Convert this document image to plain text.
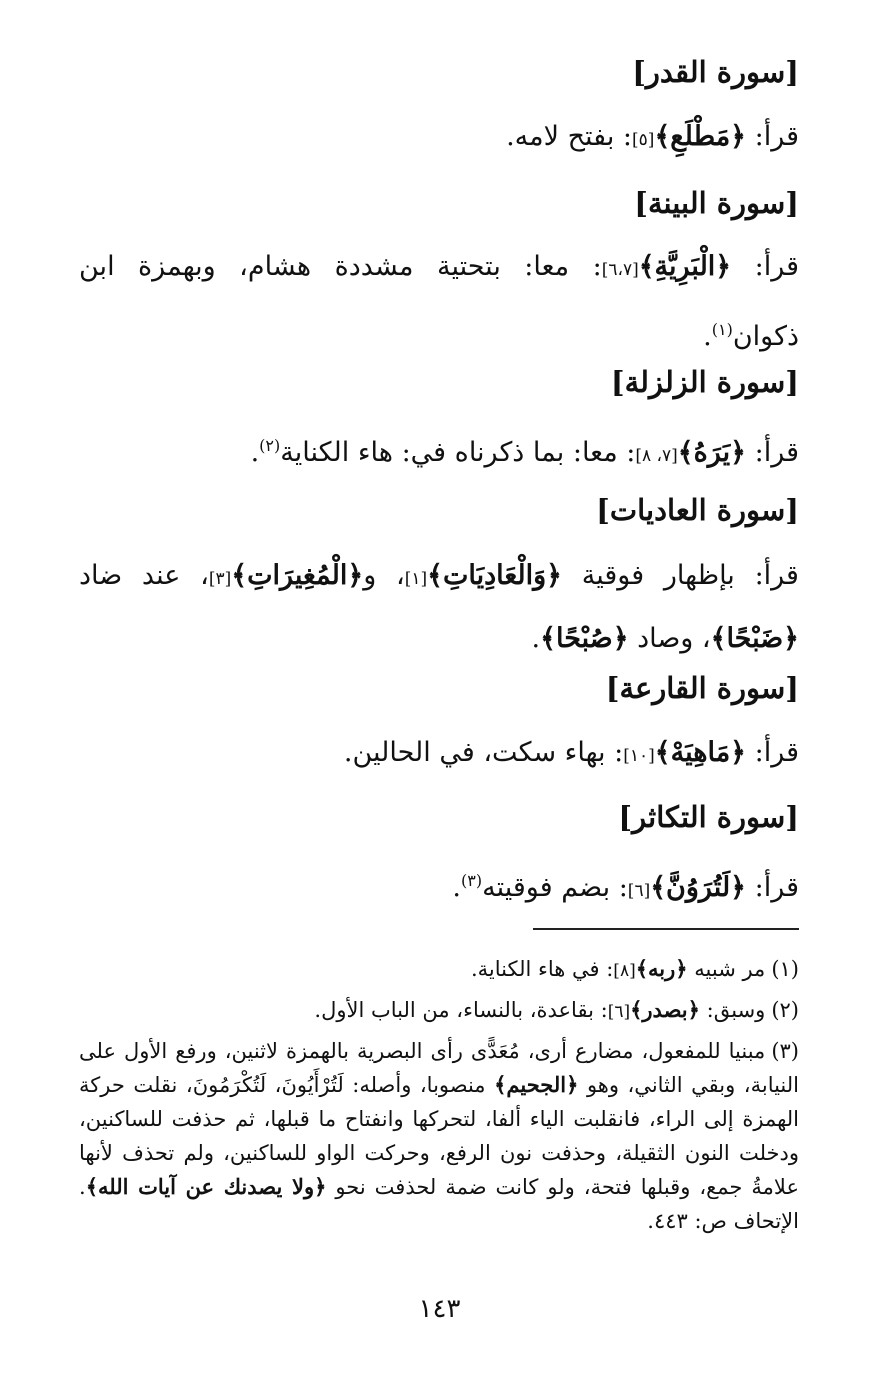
[سورة القدر]
قرأ: ﴿مَطْلَعِ﴾[٥]: بفتح لامه.
[سورة البينة]
قرأ: ﴿الْبَرِيَّةِ﴾[٦،٧]: معا: بتحتية مشددة هشام، وبهمزة ابن ذكوان$^{(١)}$.
[سورة الزلزلة]
قرأ: ﴿يَرَهُ﴾[٧، ٨]: معا: بما ذكرناه في: هاء الكناية$^{(٢)}$.
[سورة العاديات]
قرأ: بإظهار فوقية ﴿وَالْعَادِيَاتِ﴾[١]، و﴿الْمُغِيرَاتِ﴾[٣]، عند ضاد ﴿ضَبْحًا﴾، وصاد ﴿صُبْحًا﴾.
[سورة القارعة]
قرأ: ﴿مَاهِيَهْ﴾[١٠]: بهاء سكت، في الحالين.
[سورة التكاثر]
قرأ: ﴿لَتُرَوُنَّ﴾[٦]: بضم فوقيته$^{(٣)}$.
(١)مر شبيه ﴿ربه﴾[٨]: في هاء الكناية.
(٢)وسبق: ﴿بصدر﴾[٦]: بقاعدة، بالنساء، من الباب الأول.
(٣)مبنيا للمفعول، مضارع أرى، مُعَدًّى رأى البصرية بالهمزة لاثنين، ورفع الأول على النيابة، وبقي الثاني، وهو ﴿الجحيم﴾ منصوبا، وأصله: لَتُرْأَيُونَ، لَتُكْرَمُونَ، نقلت حركة الهمزة إلى الراء، فانقلبت الياء ألفا، لتحركها وانفتاح ما قبلها، ثم حذفت للساكنين، ودخلت النون الثقيلة، وحذفت نون الرفع، وحركت الواو للساكنين، ولم تحذف لأنها علامةُ جمع، وقبلها فتحة، ولو كانت ضمة لحذفت نحو ﴿ولا يصدنك عن آيات الله﴾. الإتحاف ص: ٤٤٣.
١٤٣
